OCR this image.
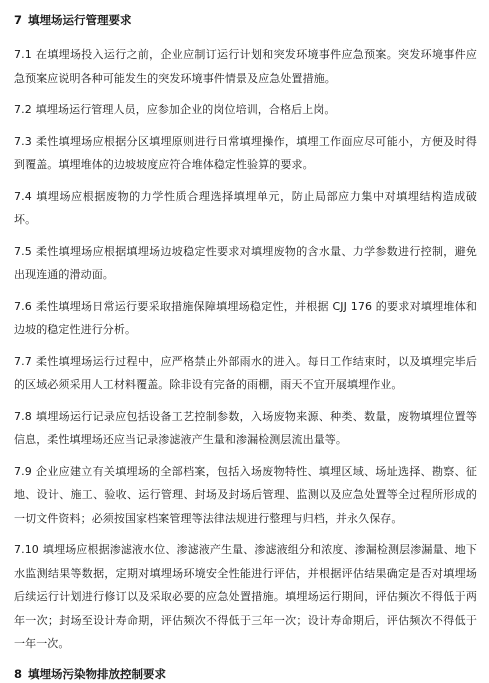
7 填埋场运行管理要求

7.1 在填埋场投入运行之前，企业应制订运行计划和突发环境事件应急预案。突发环境事件应急预案应说明各种可能发生的突发环境事件情景及应急处置措施。

7.2 填埋场运行管理人员，应参加企业的岗位培训，合格后上岗。

7.3 柔性填埋场应根据分区填埋原则进行日常填埋操作，填埋工作面应尽可能小，方便及时得到覆盖。填埋堆体的边坡坡度应符合堆体稳定性验算的要求。

7.4 填埋场应根据废物的力学性质合理选择填埋单元，防止局部应力集中对填埋结构造成破坏。

7.5 柔性填埋场应根据填埋场边坡稳定性要求对填埋废物的含水量、力学参数进行控制，避免出现连通的滑动面。

7.6 柔性填埋场日常运行要采取措施保障填埋场稳定性，并根据 CJJ 176 的要求对填埋堆体和边坡的稳定性进行分析。

7.7 柔性填埋场运行过程中，应严格禁止外部雨水的进入。每日工作结束时，以及填埋完毕后的区域必须采用人工材料覆盖。除非设有完备的雨棚，雨天不宜开展填埋作业。

7.8 填埋场运行记录应包括设备工艺控制参数，入场废物来源、种类、数量，废物填埋位置等信息，柔性填埋场还应当记录渗滤液产生量和渗漏检测层流出量等。

7.9 企业应建立有关填埋场的全部档案，包括入场废物特性、填埋区域、场址选择、勘察、征地、设计、施工、验收、运行管理、封场及封场后管理、监测以及应急处置等全过程所形成的一切文件资料；必须按国家档案管理等法律法规进行整理与归档，并永久保存。

7.10 填埋场应根据渗滤液水位、渗滤液产生量、渗滤液组分和浓度、渗漏检测层渗漏量、地下水监测结果等数据，定期对填埋场环境安全性能进行评估，并根据评估结果确定是否对填埋场后续运行计划进行修订以及采取必要的应急处置措施。填埋场运行期间，评估频次不得低于两年一次；封场至设计寿命期，评估频次不得低于三年一次；设计寿命期后，评估频次不得低于一年一次。

8 填埋场污染物排放控制要求
